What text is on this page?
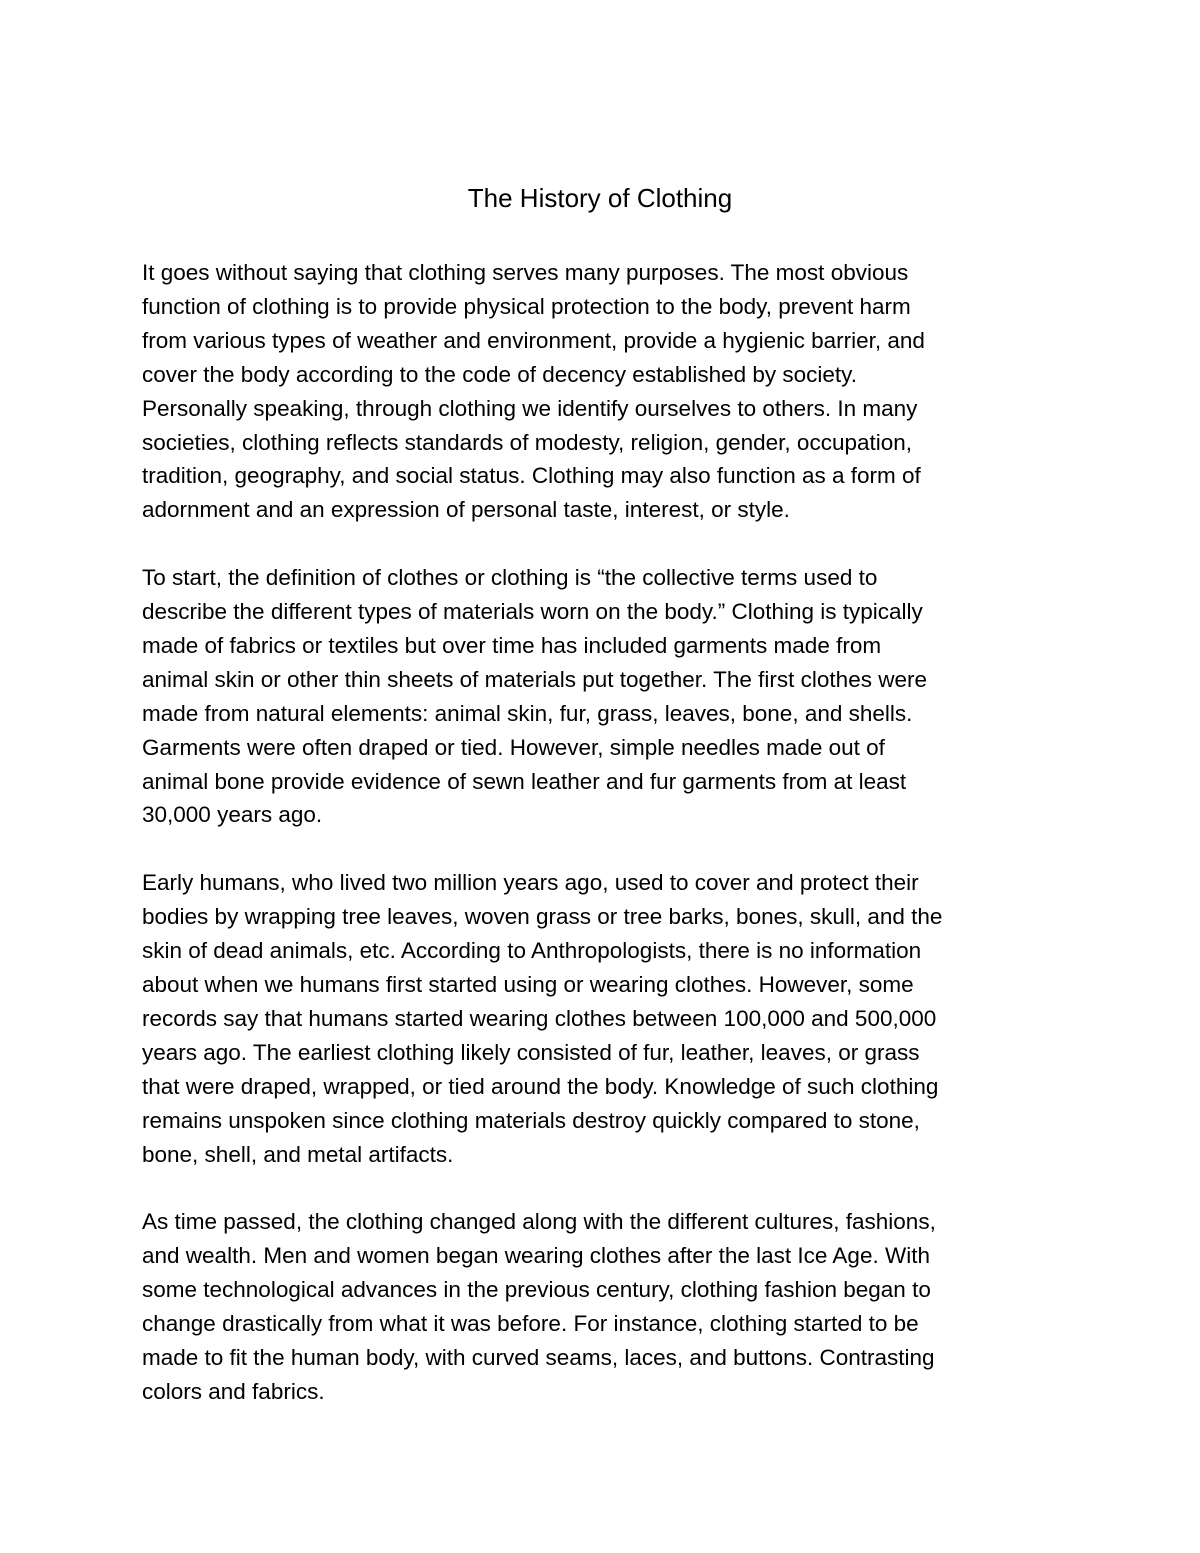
The History of Clothing

It goes without saying that clothing serves many purposes. The most obvious
function of clothing is to provide physical protection to the body, prevent harm
from various types of weather and environment, provide a hygienic barrier, and
cover the body according to the code of decency established by society.
Personally speaking, through clothing we identify ourselves to others. In many
societies, clothing reflects standards of modesty, religion, gender, occupation,
tradition, geography, and social status. Clothing may also function as a form of
adornment and an expression of personal taste, interest, or style.

To start, the definition of clothes or clothing is “the collective terms used to
describe the different types of materials worn on the body.” Clothing is typically
made of fabrics or textiles but over time has included garments made from
animal skin or other thin sheets of materials put together. The first clothes were
made from natural elements: animal skin, fur, grass, leaves, bone, and shells.
Garments were often draped or tied. However, simple needles made out of
animal bone provide evidence of sewn leather and fur garments from at least
30,000 years ago.

Early humans, who lived two million years ago, used to cover and protect their
bodies by wrapping tree leaves, woven grass or tree barks, bones, skull, and the
skin of dead animals, etc. According to Anthropologists, there is no information
about when we humans first started using or wearing clothes. However, some
records say that humans started wearing clothes between 100,000 and 500,000
years ago. The earliest clothing likely consisted of fur, leather, leaves, or grass
that were draped, wrapped, or tied around the body. Knowledge of such clothing
remains unspoken since clothing materials destroy quickly compared to stone,
bone, shell, and metal artifacts.

As time passed, the clothing changed along with the different cultures, fashions,
and wealth. Men and women began wearing clothes after the last Ice Age. With
some technological advances in the previous century, clothing fashion began to
change drastically from what it was before. For instance, clothing started to be
made to fit the human body, with curved seams, laces, and buttons. Contrasting
colors and fabrics.
